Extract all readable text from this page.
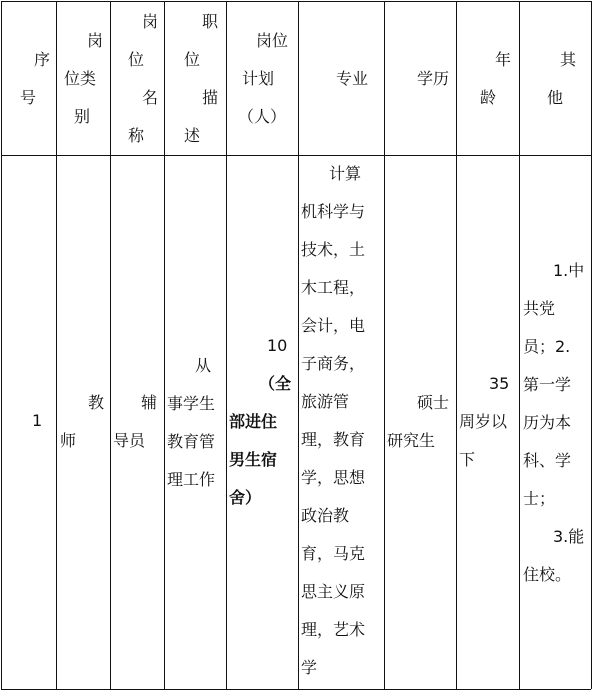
序
号
岗
位类
别
岗
位
名
称
职
位
描
述
岗位
计划
（人）
专业	学历
年
龄
其
他
1
教
师
辅
导员
从
事学生
教育管
理工作
10
（全
部进住
男生宿
舍）
计算
机科学与
技术，土
木工程，
会计，电
子商务，
旅游管
理，教育
学，思想
政治教
育，马克
思主义原
理，艺术
学
硕士
研究生
35
周岁以
下
1.中
共党
员；2.
第一学
历为本
科、学
士；
3.能
住校。
